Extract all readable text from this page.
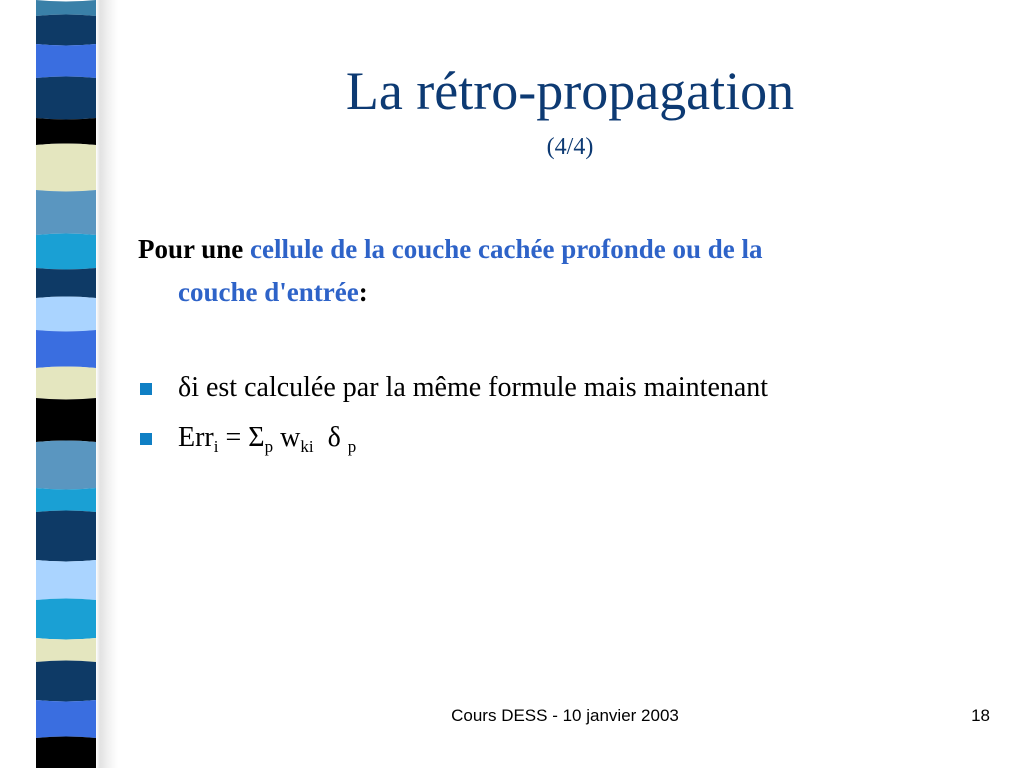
La rétro-propagation
(4/4)
Pour une cellule de la couche cachée profonde ou de la
couche d'entrée:
δi est calculée par la même formule mais maintenant
$Err_i = \Sigma_p$ $w_{ki}$ δ $_p$
Cours DESS - 10 janvier 2003	18
